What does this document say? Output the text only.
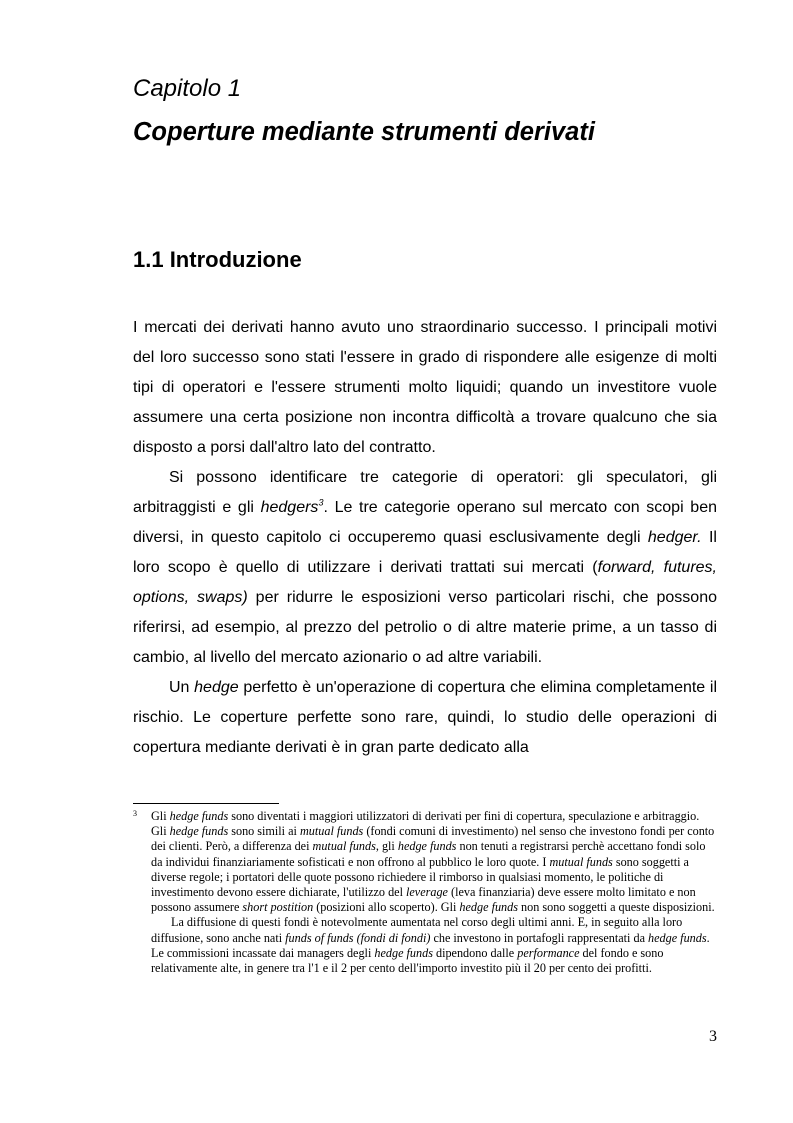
Capitolo 1
Coperture mediante strumenti derivati
1.1 Introduzione

I mercati dei derivati hanno avuto uno straordinario successo. I principali motivi del loro successo sono stati l'essere in grado di rispondere alle esigenze di molti tipi di operatori e l'essere strumenti molto liquidi; quando un investitore vuole assumere una certa posizione non incontra difficoltà a trovare qualcuno che sia disposto a porsi dall'altro lato del contratto.

Si possono identificare tre categorie di operatori: gli speculatori, gli arbitraggisti e gli hedgers$^3$. Le tre categorie operano sul mercato con scopi ben diversi, in questo capitolo ci occuperemo quasi esclusivamente degli hedger. Il loro scopo è quello di utilizzare i derivati trattati sui mercati (forward, futures, options, swaps) per ridurre le esposizioni verso particolari rischi, che possono riferirsi, ad esempio, al prezzo del petrolio o di altre materie prime, a un tasso di cambio, al livello del mercato azionario o ad altre variabili.

Un hedge perfetto è un'operazione di copertura che elimina completamente il rischio. Le coperture perfette sono rare, quindi, lo studio delle operazioni di copertura mediante derivati è in gran parte dedicato alla

3 Gli hedge funds sono diventati i maggiori utilizzatori di derivati per fini di copertura, speculazione e arbitraggio. Gli hedge funds sono simili ai mutual funds (fondi comuni di investimento) nel senso che investono fondi per conto dei clienti. Però, a differenza dei mutual funds, gli hedge funds non tenuti a registrarsi perchè accettano fondi solo da individui finanziariamente sofisticati e non offrono al pubblico le loro quote. I mutual funds sono soggetti a diverse regole; i portatori delle quote possono richiedere il rimborso in qualsiasi momento, le politiche di investimento devono essere dichiarate, l'utilizzo del leverage (leva finanziaria) deve essere molto limitato e non possono assumere short postition (posizioni allo scoperto). Gli hedge funds non sono soggetti a queste disposizioni.

La diffusione di questi fondi è notevolmente aumentata nel corso degli ultimi anni. E, in seguito alla loro diffusione, sono anche nati funds of funds (fondi di fondi) che investono in portafogli rappresentati da hedge funds. Le commissioni incassate dai managers degli hedge funds dipendono dalle performance del fondo e sono relativamente alte, in genere tra l'1 e il 2 per cento dell'importo investito più il 20 per cento dei profitti.

3
